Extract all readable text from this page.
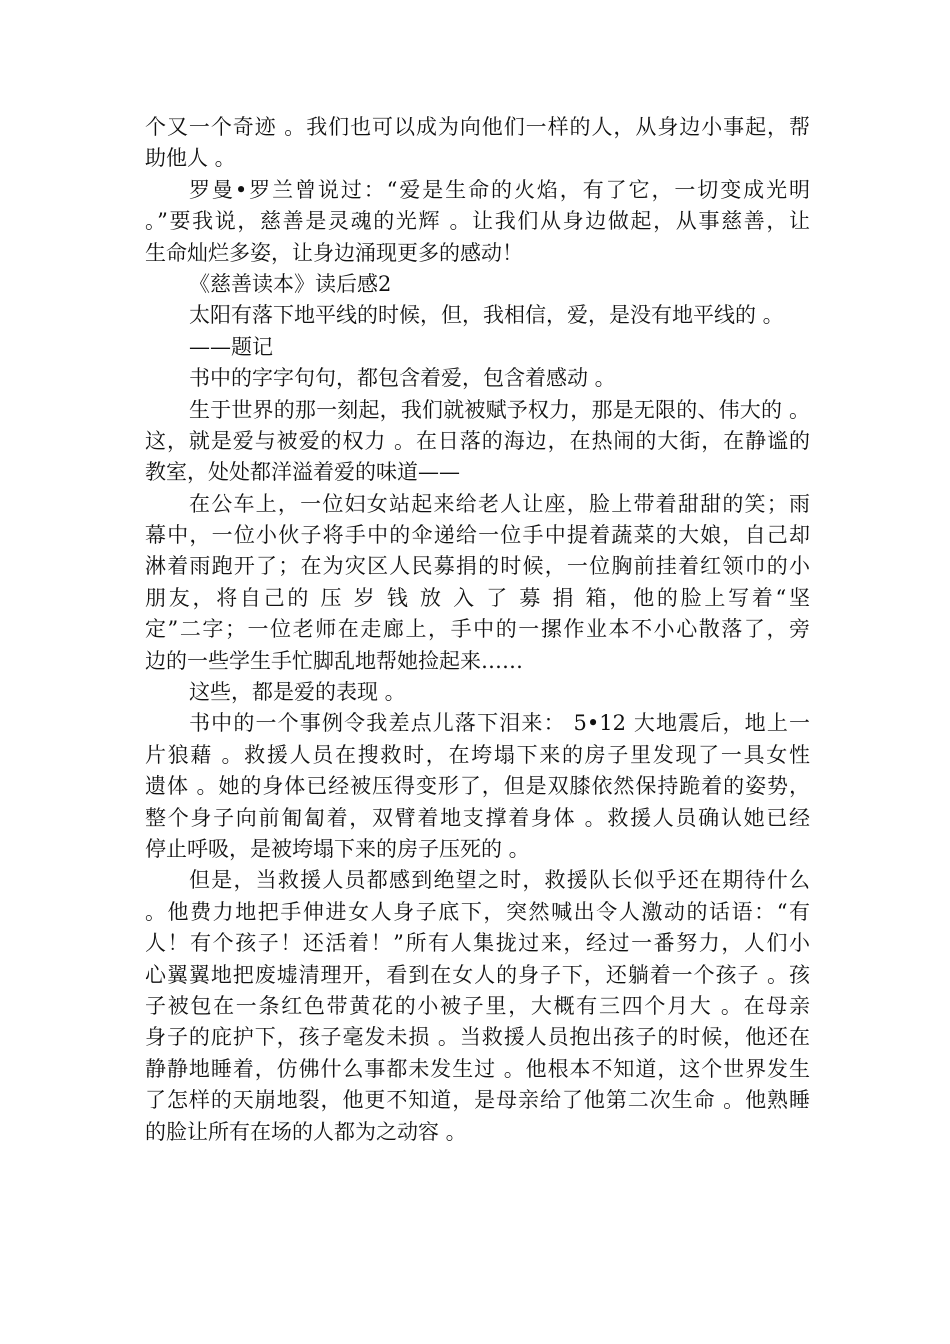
个又一个奇迹 。我们也可以成为向他们一样的人，从身边小事起，帮
助他人 。
罗曼•罗兰曾说过：“爱是生命的火焰，有了它，一切变成光明
。”要我说，慈善是灵魂的光辉 。让我们从身边做起，从事慈善，让
生命灿烂多姿，让身边涌现更多的感动！
《慈善读本》读后感2
太阳有落下地平线的时候，但，我相信，爱，是没有地平线的 。
——题记
书中的字字句句，都包含着爱，包含着感动 。
生于世界的那一刻起，我们就被赋予权力，那是无限的、伟大的 。
这，就是爱与被爱的权力 。在日落的海边，在热闹的大街，在静谧的
教室，处处都洋溢着爱的味道——
在公车上，一位妇女站起来给老人让座，脸上带着甜甜的笑；雨
幕中，一位小伙子将手中的伞递给一位手中提着蔬菜的大娘，自己却
淋着雨跑开了；在为灾区人民募捐的时候，一位胸前挂着红领巾的小
朋友，将自己的 压 岁 钱 放 入 了 募 捐 箱，他的脸上写着“坚
定”二字；一位老师在走廊上，手中的一摞作业本不小心散落了，旁
边的一些学生手忙脚乱地帮她捡起来……
这些，都是爱的表现 。
书中的一个事例令我差点儿落下泪来： 5•12 大地震后，地上一
片狼藉 。救援人员在搜救时，在垮塌下来的房子里发现了一具女性
遗体 。她的身体已经被压得变形了，但是双膝依然保持跪着的姿势，
整个身子向前匍匐着，双臂着地支撑着身体 。救援人员确认她已经
停止呼吸，是被垮塌下来的房子压死的 。
但是，当救援人员都感到绝望之时，救援队长似乎还在期待什么
。他费力地把手伸进女人身子底下，突然喊出令人激动的话语：“有
人！有个孩子！还活着！”所有人集拢过来，经过一番努力，人们小
心翼翼地把废墟清理开，看到在女人的身子下，还躺着一个孩子 。孩
子被包在一条红色带黄花的小被子里，大概有三四个月大 。在母亲
身子的庇护下，孩子毫发未损 。当救援人员抱出孩子的时候，他还在
静静地睡着，仿佛什么事都未发生过 。他根本不知道，这个世界发生
了怎样的天崩地裂，他更不知道，是母亲给了他第二次生命 。他熟睡
的脸让所有在场的人都为之动容 。
